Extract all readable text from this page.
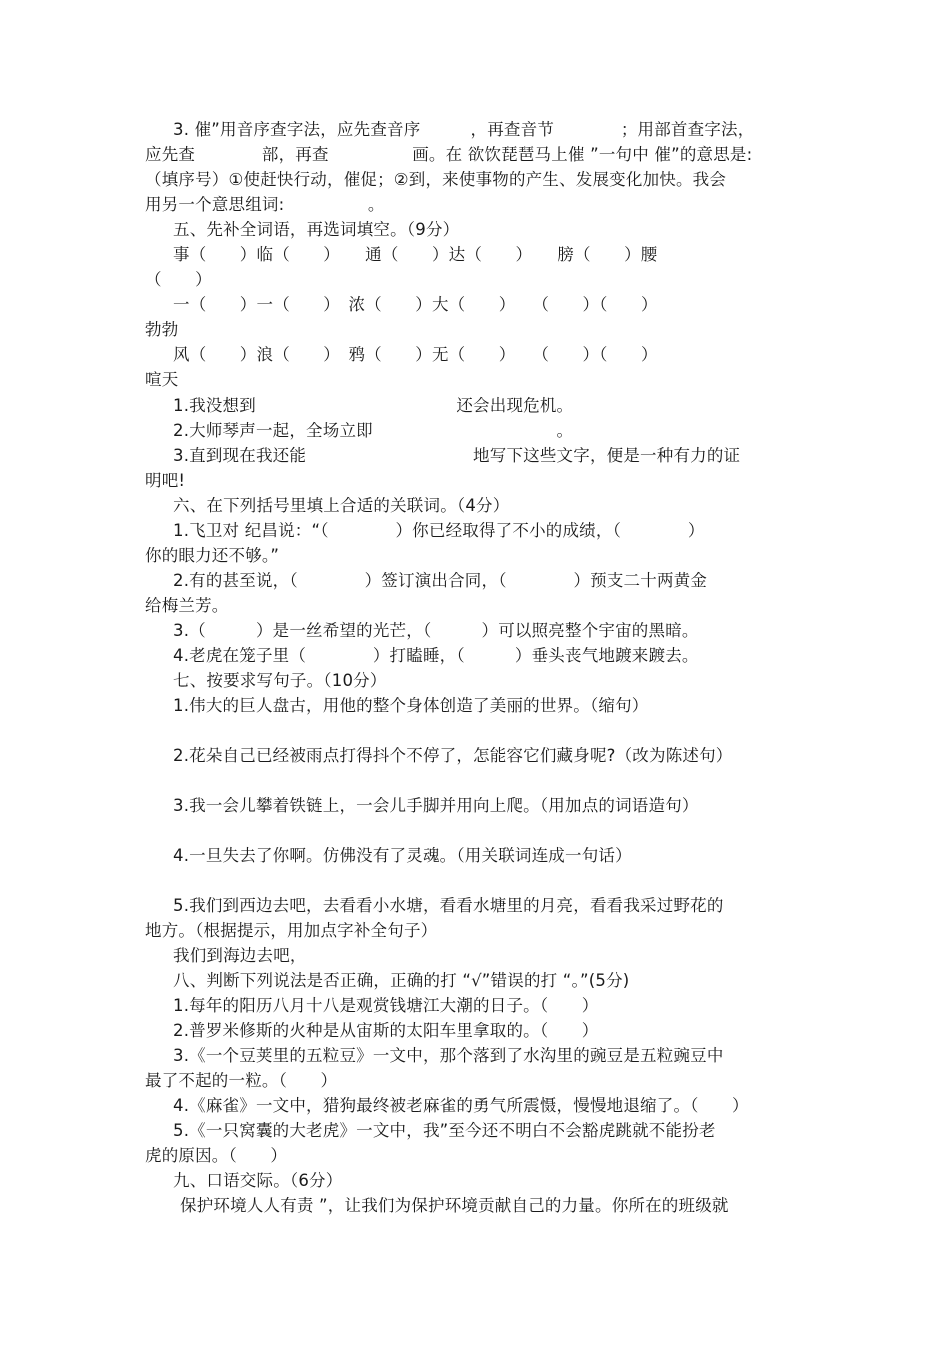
3. 催”用音序查字法，应先查音序　　　，再查音节　　　　；用部首查字法，
应先查　　　　部，再查　　　　　画。在 欲饮琵琶马上催 ”一句中 催”的意思是:
（填序号）①使赶快行动，催促；②到，来使事物的产生、发展变化加快。我会
用另一个意思组词:　　　　　。
五、先补全词语，再选词填空。（9分）
事（　　）临（　　）　　通（　　）达（　　）　　膀（　　）腰
（　　）
一（　　）一（　　）　浓（　　）大（　　）　　（　　）（　　）
勃勃
风（　　）浪（　　）　鸦（　　）无（　　）　　（　　）（　　）
喧天
1.我没想到　　　　　　　　　　　　还会出现危机。
2.大师琴声一起，全场立即　　　　　　　　　　　。
3.直到现在我还能　　　　　　　　　　地写下这些文字，便是一种有力的证
明吧!
六、在下列括号里填上合适的关联词。（4分）
1.飞卫对 纪昌说：“（　　　　）你已经取得了不小的成绩，（　　　　）
你的眼力还不够。”
2.有的甚至说，（　　　　）签订演出合同，（　　　　）预支二十两黄金
给梅兰芳。
3.（　　　）是一丝希望的光芒，（　　　）可以照亮整个宇宙的黑暗。
4.老虎在笼子里（　　　　）打瞌睡，（　　　）垂头丧气地踱来踱去。
七、按要求写句子。（10分）
1.伟大的巨人盘古，用他的整个身体创造了美丽的世界。（缩句）
2.花朵自己已经被雨点打得抖个不停了，怎能容它们藏身呢?（改为陈述句）
3.我一会儿攀着铁链上，一会儿手脚并用向上爬。（用加点的词语造句）
4.一旦失去了你啊。仿佛没有了灵魂。（用关联词连成一句话）
5.我们到西边去吧，去看看小水塘，看看水塘里的月亮，看看我采过野花的
地方。（根据提示，用加点字补全句子）
我们到海边去吧，
八、判断下列说法是否正确，正确的打 “√”错误的打 “。”(5分)
1.每年的阳历八月十八是观赏钱塘江大潮的日子。（　　）
2.普罗米修斯的火种是从宙斯的太阳车里拿取的。（　　）
3.《一个豆荚里的五粒豆》一文中，那个落到了水沟里的豌豆是五粒豌豆中
最了不起的一粒。（　　）
4.《麻雀》一文中，猎狗最终被老麻雀的勇气所震慑，慢慢地退缩了。（　　）
5.《一只窝囊的大老虎》一文中，我”至今还不明白不会豁虎跳就不能扮老
虎的原因。（　　）
九、口语交际。（6分）
保护环境人人有责 ”，让我们为保护环境贡献自己的力量。你所在的班级就
